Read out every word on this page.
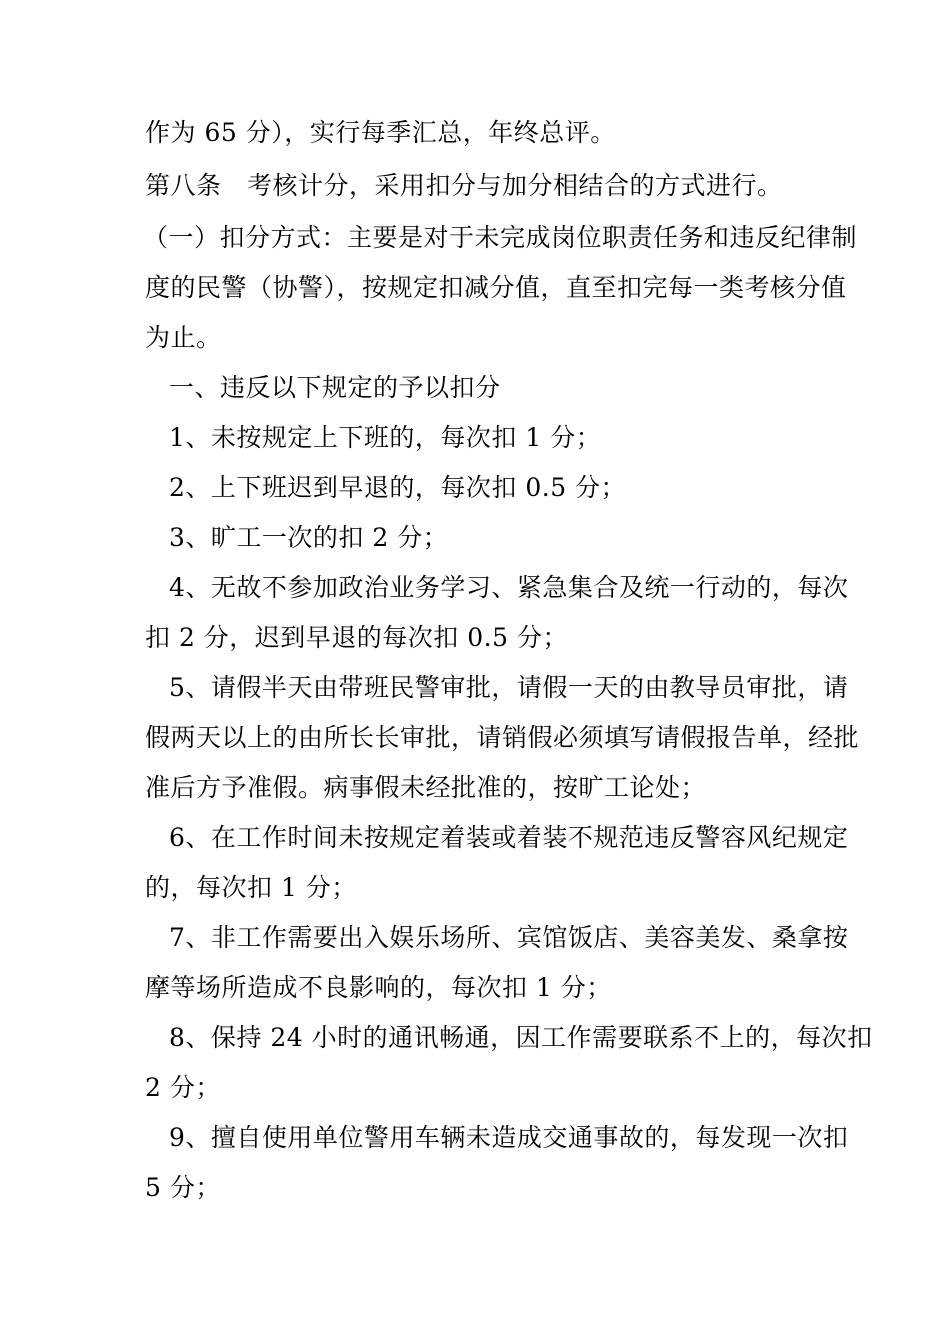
作为 65 分），实行每季汇总，年终总评。
第八条　考核计分，采用扣分与加分相结合的方式进行。
（一）扣分方式：主要是对于未完成岗位职责任务和违反纪律制
度的民警（协警），按规定扣减分值，直至扣完每一类考核分值
为止。
一、违反以下规定的予以扣分
1、未按规定上下班的，每次扣 1 分；
2、上下班迟到早退的，每次扣 0.5 分；
3、旷工一次的扣 2 分；
4、无故不参加政治业务学习、紧急集合及统一行动的，每次
扣 2 分，迟到早退的每次扣 0.5 分；
5、请假半天由带班民警审批，请假一天的由教导员审批，请
假两天以上的由所长长审批，请销假必须填写请假报告单，经批
准后方予准假。病事假未经批准的，按旷工论处；
6、在工作时间未按规定着装或着装不规范违反警容风纪规定
的，每次扣 1 分；
7、非工作需要出入娱乐场所、宾馆饭店、美容美发、桑拿按
摩等场所造成不良影响的，每次扣 1 分；
8、保持 24 小时的通讯畅通，因工作需要联系不上的，每次扣
2 分；
9、擅自使用单位警用车辆未造成交通事故的，每发现一次扣
5 分；
